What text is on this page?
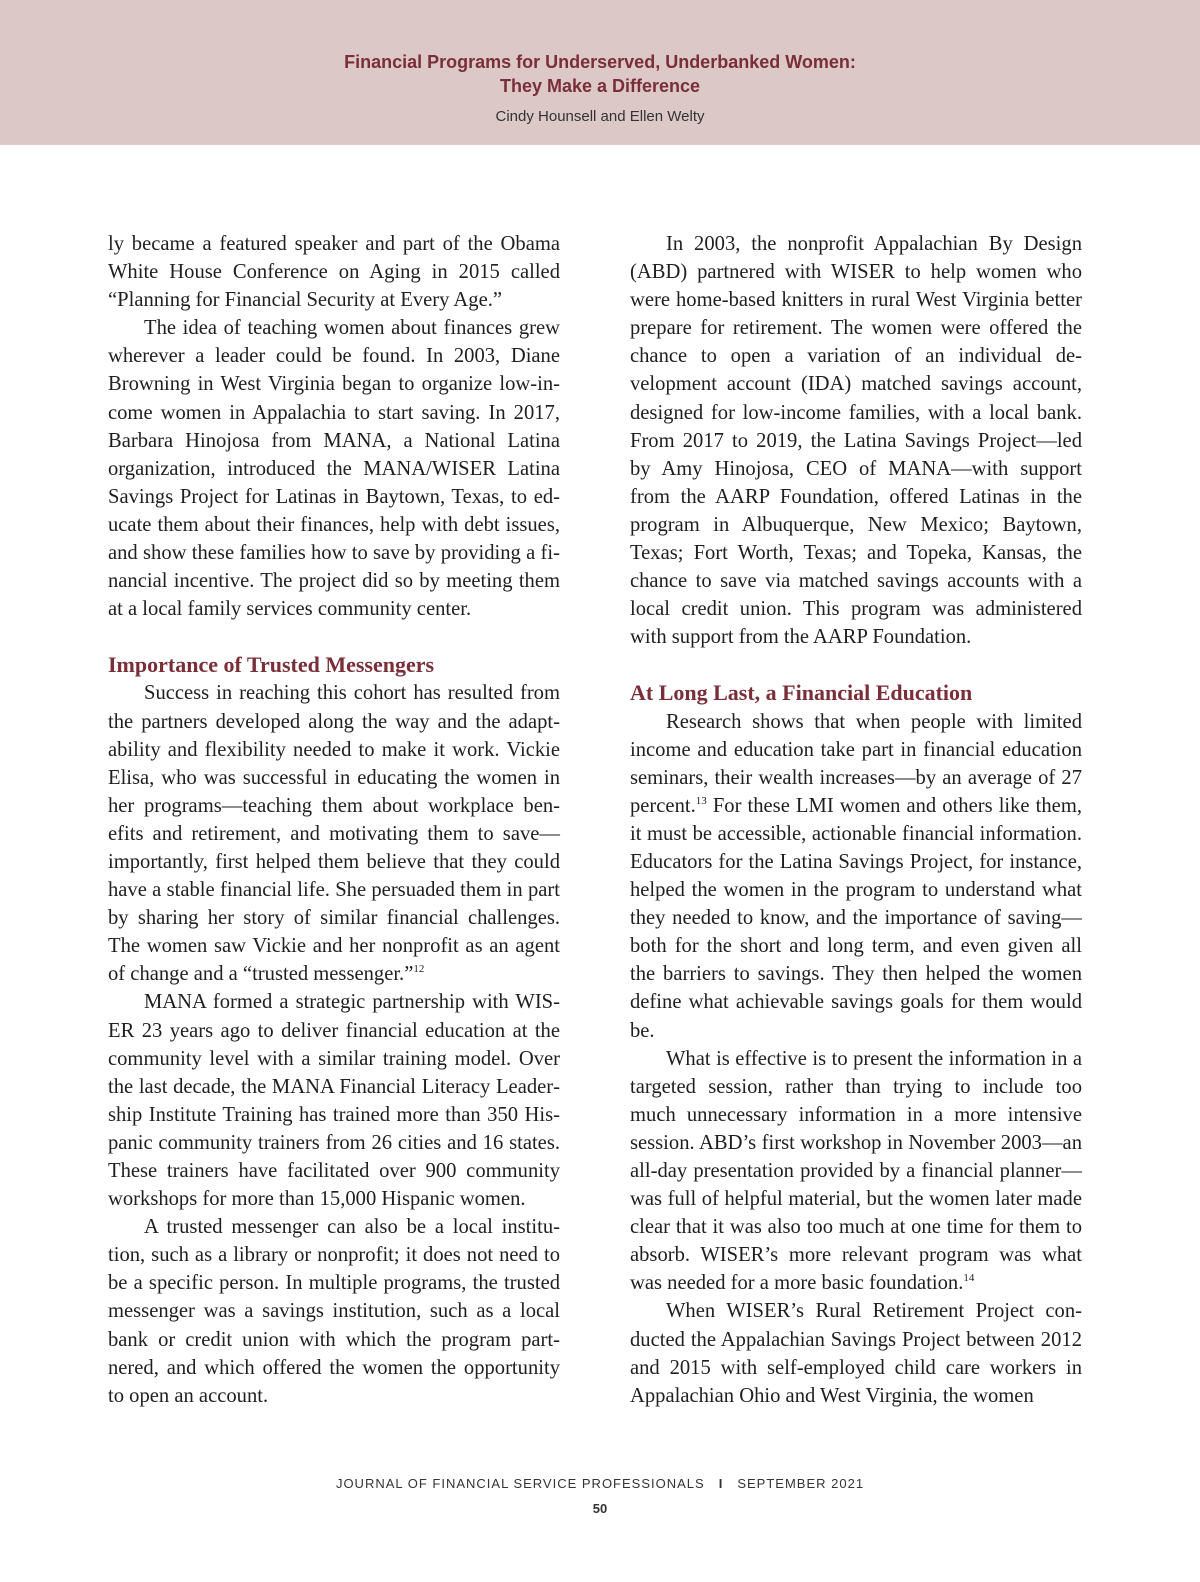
Financial Programs for Underserved, Underbanked Women:
They Make a Difference
Cindy Hounsell and Ellen Welty

ly became a featured speaker and part of the Obama White House Conference on Aging in 2015 called “Planning for Financial Security at Every Age.”

The idea of teaching women about finances grew wherever a leader could be found. In 2003, Diane Browning in West Virginia began to organize low-income women in Appalachia to start saving. In 2017, Barbara Hinojosa from MANA, a National Latina organization, introduced the MANA/WISER Latina Savings Project for Latinas in Baytown, Texas, to educate them about their finances, help with debt issues, and show these families how to save by providing a financial incentive. The project did so by meeting them at a local family services community center.

Importance of Trusted Messengers

Success in reaching this cohort has resulted from the partners developed along the way and the adaptability and flexibility needed to make it work. Vickie Elisa, who was successful in educating the women in her programs—teaching them about workplace benefits and retirement, and motivating them to save—importantly, first helped them believe that they could have a stable financial life. She persuaded them in part by sharing her story of similar financial challenges. The women saw Vickie and her nonprofit as an agent of change and a “trusted messenger.”$^{12}$

MANA formed a strategic partnership with WISER 23 years ago to deliver financial education at the community level with a similar training model. Over the last decade, the MANA Financial Literacy Leadership Institute Training has trained more than 350 Hispanic community trainers from 26 cities and 16 states. These trainers have facilitated over 900 community workshops for more than 15,000 Hispanic women.

A trusted messenger can also be a local institution, such as a library or nonprofit; it does not need to be a specific person. In multiple programs, the trusted messenger was a savings institution, such as a local bank or credit union with which the program partnered, and which offered the women the opportunity to open an account.

In 2003, the nonprofit Appalachian By Design (ABD) partnered with WISER to help women who were home-based knitters in rural West Virginia better prepare for retirement. The women were offered the chance to open a variation of an individual development account (IDA) matched savings account, designed for low-income families, with a local bank. From 2017 to 2019, the Latina Savings Project—led by Amy Hinojosa, CEO of MANA—with support from the AARP Foundation, offered Latinas in the program in Albuquerque, New Mexico; Baytown, Texas; Fort Worth, Texas; and Topeka, Kansas, the chance to save via matched savings accounts with a local credit union. This program was administered with support from the AARP Foundation.

At Long Last, a Financial Education

Research shows that when people with limited income and education take part in financial education seminars, their wealth increases—by an average of 27 percent.$^{13}$ For these LMI women and others like them, it must be accessible, actionable financial information. Educators for the Latina Savings Project, for instance, helped the women in the program to understand what they needed to know, and the importance of saving—both for the short and long term, and even given all the barriers to savings. They then helped the women define what achievable savings goals for them would be.

What is effective is to present the information in a targeted session, rather than trying to include too much unnecessary information in a more intensive session. ABD’s first workshop in November 2003—an all-day presentation provided by a financial planner—was full of helpful material, but the women later made clear that it was also too much at one time for them to absorb. WISER’s more relevant program was what was needed for a more basic foundation.$^{14}$

When WISER’s Rural Retirement Project conducted the Appalachian Savings Project between 2012 and 2015 with self-employed child care workers in Appalachian Ohio and West Virginia, the women

JOURNAL OF FINANCIAL SERVICE PROFESSIONALS I SEPTEMBER 2021
50
